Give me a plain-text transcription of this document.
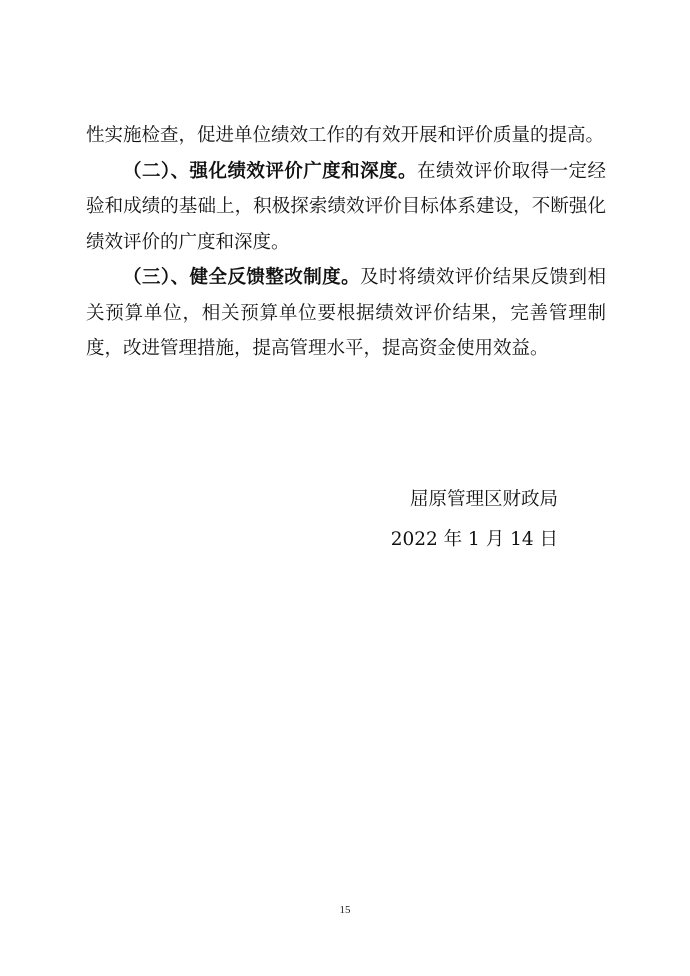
性实施检查，促进单位绩效工作的有效开展和评价质量的提高。

（二）、强化绩效评价广度和深度。在绩效评价取得一定经验和成绩的基础上，积极探索绩效评价目标体系建设，不断强化绩效评价的广度和深度。

（三）、健全反馈整改制度。及时将绩效评价结果反馈到相关预算单位，相关预算单位要根据绩效评价结果，完善管理制度，改进管理措施，提高管理水平，提高资金使用效益。

屈原管理区财政局
2022 年 1 月 14 日
15
